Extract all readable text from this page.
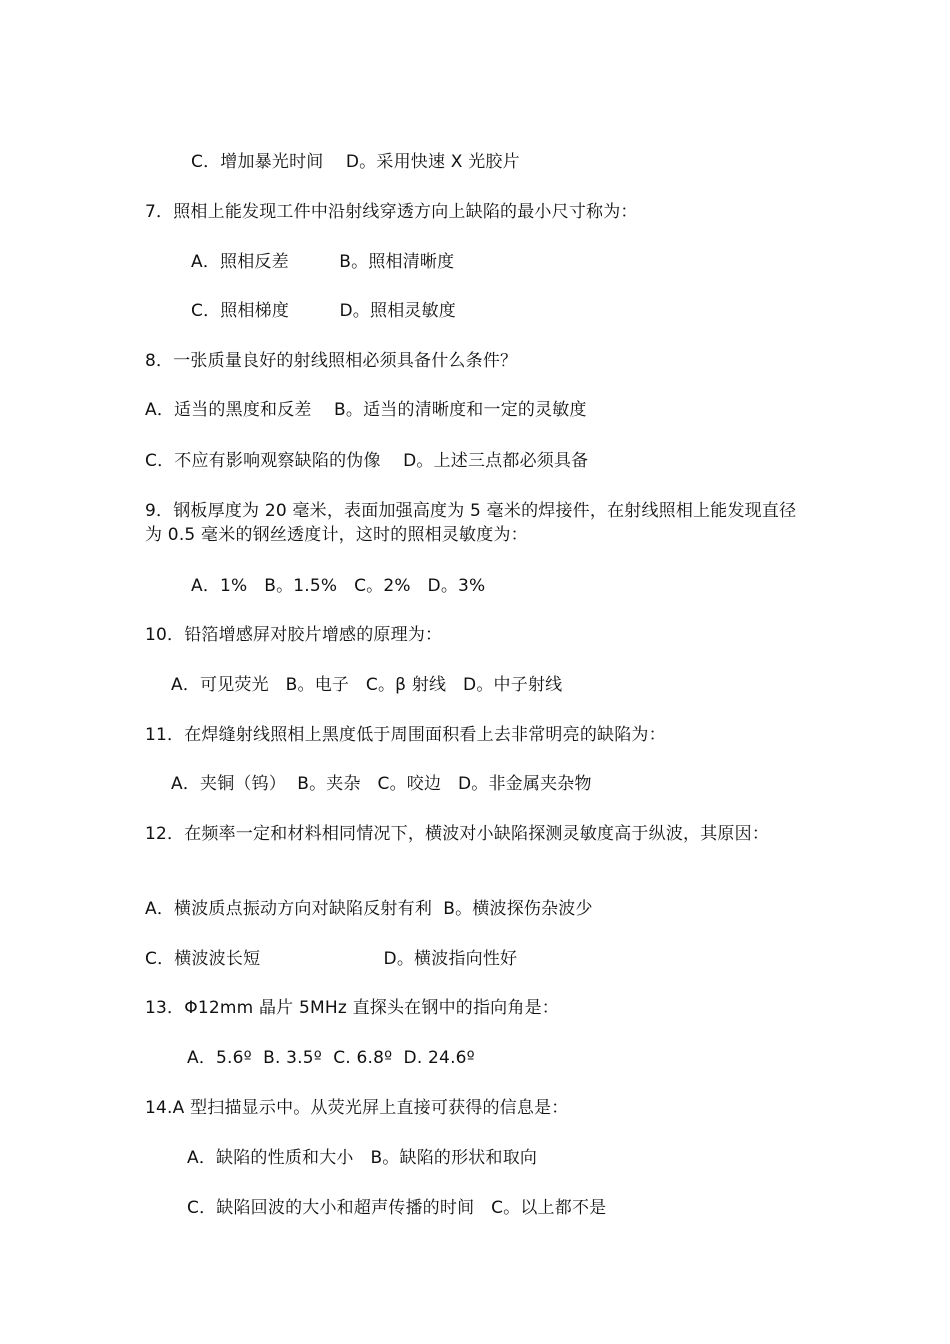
C．增加暴光时间    D。采用快速 X 光胶片
7．照相上能发现工件中沿射线穿透方向上缺陷的最小尺寸称为：
A．照相反差         B。照相清晰度
C．照相梯度         D。照相灵敏度
8．一张质量良好的射线照相必须具备什么条件？
A．适当的黑度和反差    B。适当的清晰度和一定的灵敏度
C．不应有影响观察缺陷的伪像    D。上述三点都必须具备
9．钢板厚度为 20 毫米，表面加强高度为 5 毫米的焊接件，在射线照相上能发现直径为 0.5 毫米的钢丝透度计，这时的照相灵敏度为：
A．1%   B。1.5%   C。2%   D。3%
10．铅箔增感屏对胶片增感的原理为：
A．可见荧光   B。电子   C。β 射线   D。中子射线
11．在焊缝射线照相上黑度低于周围面积看上去非常明亮的缺陷为：
A．夹铜（钨）  B。夹杂   C。咬边   D。非金属夹杂物
12．在频率一定和材料相同情况下，横波对小缺陷探测灵敏度高于纵波，其原因：
A．横波质点振动方向对缺陷反射有利  B。横波探伤杂波少
C．横波波长短                      D。横波指向性好
13．Φ12mm 晶片 5MHz 直探头在钢中的指向角是：
A．5.6º  B. 3.5º  C. 6.8º  D. 24.6º
14.A 型扫描显示中。从荧光屏上直接可获得的信息是：
A．缺陷的性质和大小   B。缺陷的形状和取向
C．缺陷回波的大小和超声传播的时间   C。以上都不是
